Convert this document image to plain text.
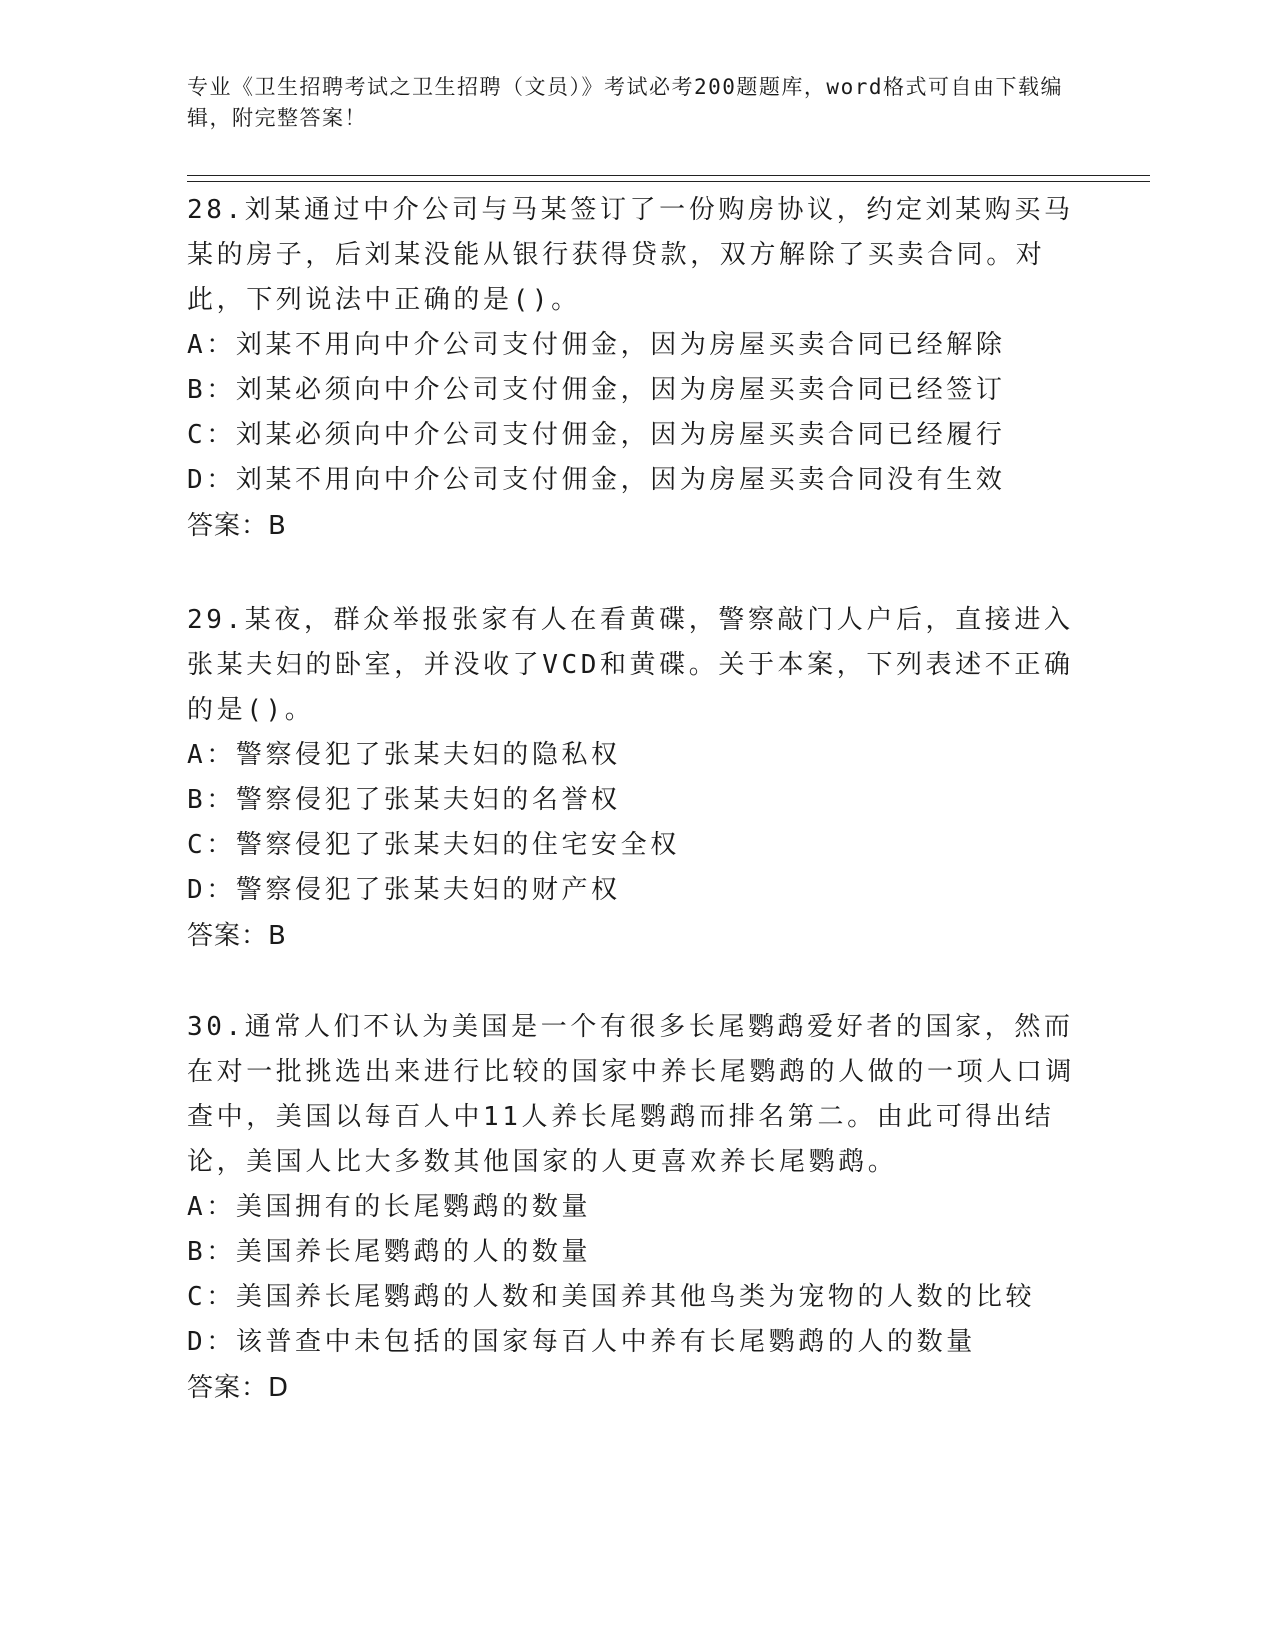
专业《卫生招聘考试之卫生招聘（文员）》考试必考200题题库，word格式可自由下载编辑，附完整答案！

28.刘某通过中介公司与马某签订了一份购房协议，约定刘某购买马某的房子，后刘某没能从银行获得贷款，双方解除了买卖合同。对此，下列说法中正确的是()。

A：刘某不用向中介公司支付佣金，因为房屋买卖合同已经解除

B：刘某必须向中介公司支付佣金，因为房屋买卖合同已经签订

C：刘某必须向中介公司支付佣金，因为房屋买卖合同已经履行

D：刘某不用向中介公司支付佣金，因为房屋买卖合同没有生效

答案：B

29.某夜，群众举报张家有人在看黄碟，警察敲门人户后，直接进入张某夫妇的卧室，并没收了VCD和黄碟。关于本案，下列表述不正确的是()。

A：警察侵犯了张某夫妇的隐私权

B：警察侵犯了张某夫妇的名誉权

C：警察侵犯了张某夫妇的住宅安全权

D：警察侵犯了张某夫妇的财产权

答案：B

30.通常人们不认为美国是一个有很多长尾鹦鹉爱好者的国家，然而在对一批挑选出来进行比较的国家中养长尾鹦鹉的人做的一项人口调查中，美国以每百人中11人养长尾鹦鹉而排名第二。由此可得出结论，美国人比大多数其他国家的人更喜欢养长尾鹦鹉。

A：美国拥有的长尾鹦鹉的数量

B：美国养长尾鹦鹉的人的数量

C：美国养长尾鹦鹉的人数和美国养其他鸟类为宠物的人数的比较

D：该普查中未包括的国家每百人中养有长尾鹦鹉的人的数量

答案：D
